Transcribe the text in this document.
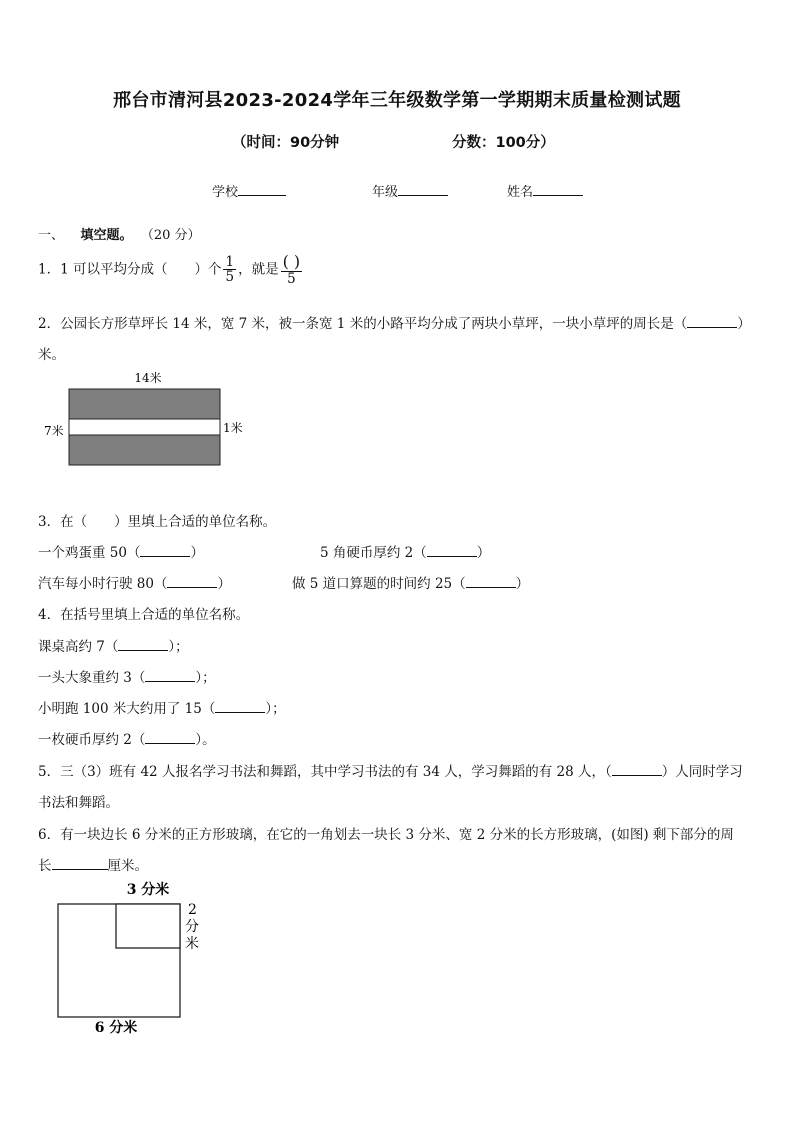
邢台市清河县2023-2024学年三年级数学第一学期期末质量检测试题
（时间：90分钟	分数：100分）
学校	年级	姓名
一、 填空题。 （20 分）
1．1 可以平均分成（　　）个 $\frac{1}{5}$ ，就是 $\frac{( )}{5}$
2．公园长方形草坪长 14 米，宽 7 米，被一条宽 1 米的小路平均分成了两块小草坪，一块小草坪的周长是（	）
米。
14米
7米	1米
3．在（　　）里填上合适的单位名称。
一个鸡蛋重 50（	）	5 角硬币厚约 2（	）
汽车每小时行驶 80（	）	做 5 道口算题的时间约 25（	）
4．在括号里填上合适的单位名称。
课桌高约 7（	）；
一头大象重约 3（	）；
小明跑 100 米大约用了 15（	）；
一枚硬币厚约 2（	）。
5．三（3）班有 42 人报名学习书法和舞蹈，其中学习书法的有 34 人，学习舞蹈的有 28 人，（	）人同时学习
书法和舞蹈。
6．有一块边长 6 分米的正方形玻璃，在它的一角划去一块长 3 分米、宽 2 分米的长方形玻璃，(如图) 剩下部分的周
长	厘米。
3 分米
2
分
米
6 分米
